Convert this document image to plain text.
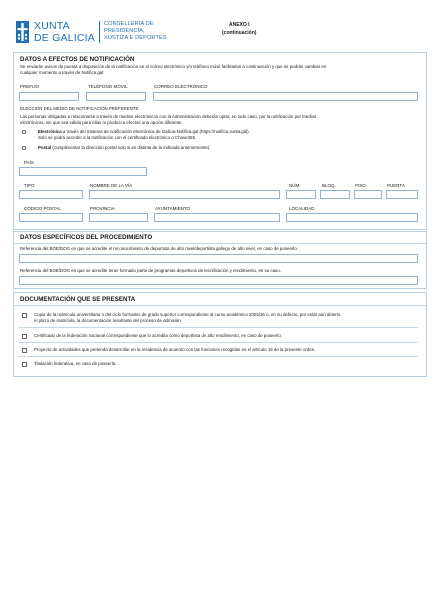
XUNTA
DE GALICIA
CONSELLERÍA DE
PRESIDENCIA,
XUSTIZA E DEPORTES
ANEXO I
(continuación)
DATOS A EFECTOS DE NOTIFICACIÓN
Se enviarán avisos de puesta a disposición de la notificación en el correo electrónico y/o teléfono móvil facilitados a continuación y que se podrán cambiar en
cualquier momento a través de Notifica.gal:
PREFIJO	TELÉFONO MÓVIL	CORREO ELECTRÓNICO
ELECCIÓN DEL MEDIO DE NOTIFICACIÓN PREFERENTE
Las personas obligadas a relacionarse a través de medios electrónicos con la Administración deberán optar, en todo caso, por la notificación por medios
electrónicos, sin que sea válida para ellas ni produzca efectos una opción diferente.
Electrónica a través del Sistema de notificación electrónica de Galicia-Notifica.gal (https://notifica.xunta.gal).
Solo se podrá acceder a la notificación con el certificado electrónico o Chave365.
Postal (cumplimentar la dirección postal solo si es distinta de la indicada anteriormente).
PAÍS
TIPO	NOMBRE DE LA VÍA	NÚM.	BLOQ.	PISO	PUERTA
CÓDIGO POSTAL	PROVINCIA	AYUNTAMIENTO	LOCALIDAD
DATOS ESPECÍFICOS DEL PROCEDIMIENTO
Referencia del BOE/DOG en que se acredite el reconocimiento de deportista de alto nivel/deportista gallego de alto nivel, en caso de poseerlo.
Referencia del BOE/DOG en que se acredite tener formado parte de programas deportivos de tecnificación y rendimiento, en su caso.
DOCUMENTACIÓN QUE SE PRESENTA
Copia de la matrícula universitaria o del ciclo formativo de grado superior correspondiente al curso académico 2025/26 o, en su defecto, por estar aún abierto
el plazo de matrícula, la documentación resultante del proceso de admisión.
Certificado de la federación nacional correspondiente que lo acredita como deportista de alto rendimiento, en caso de poseerlo.
Proyecto de actividades que pretenda desarrollar en la residencia de acuerdo con las funciones recogidas en el artículo 15 de la presente orden.
Titulación federativa, en caso de poseerla.
